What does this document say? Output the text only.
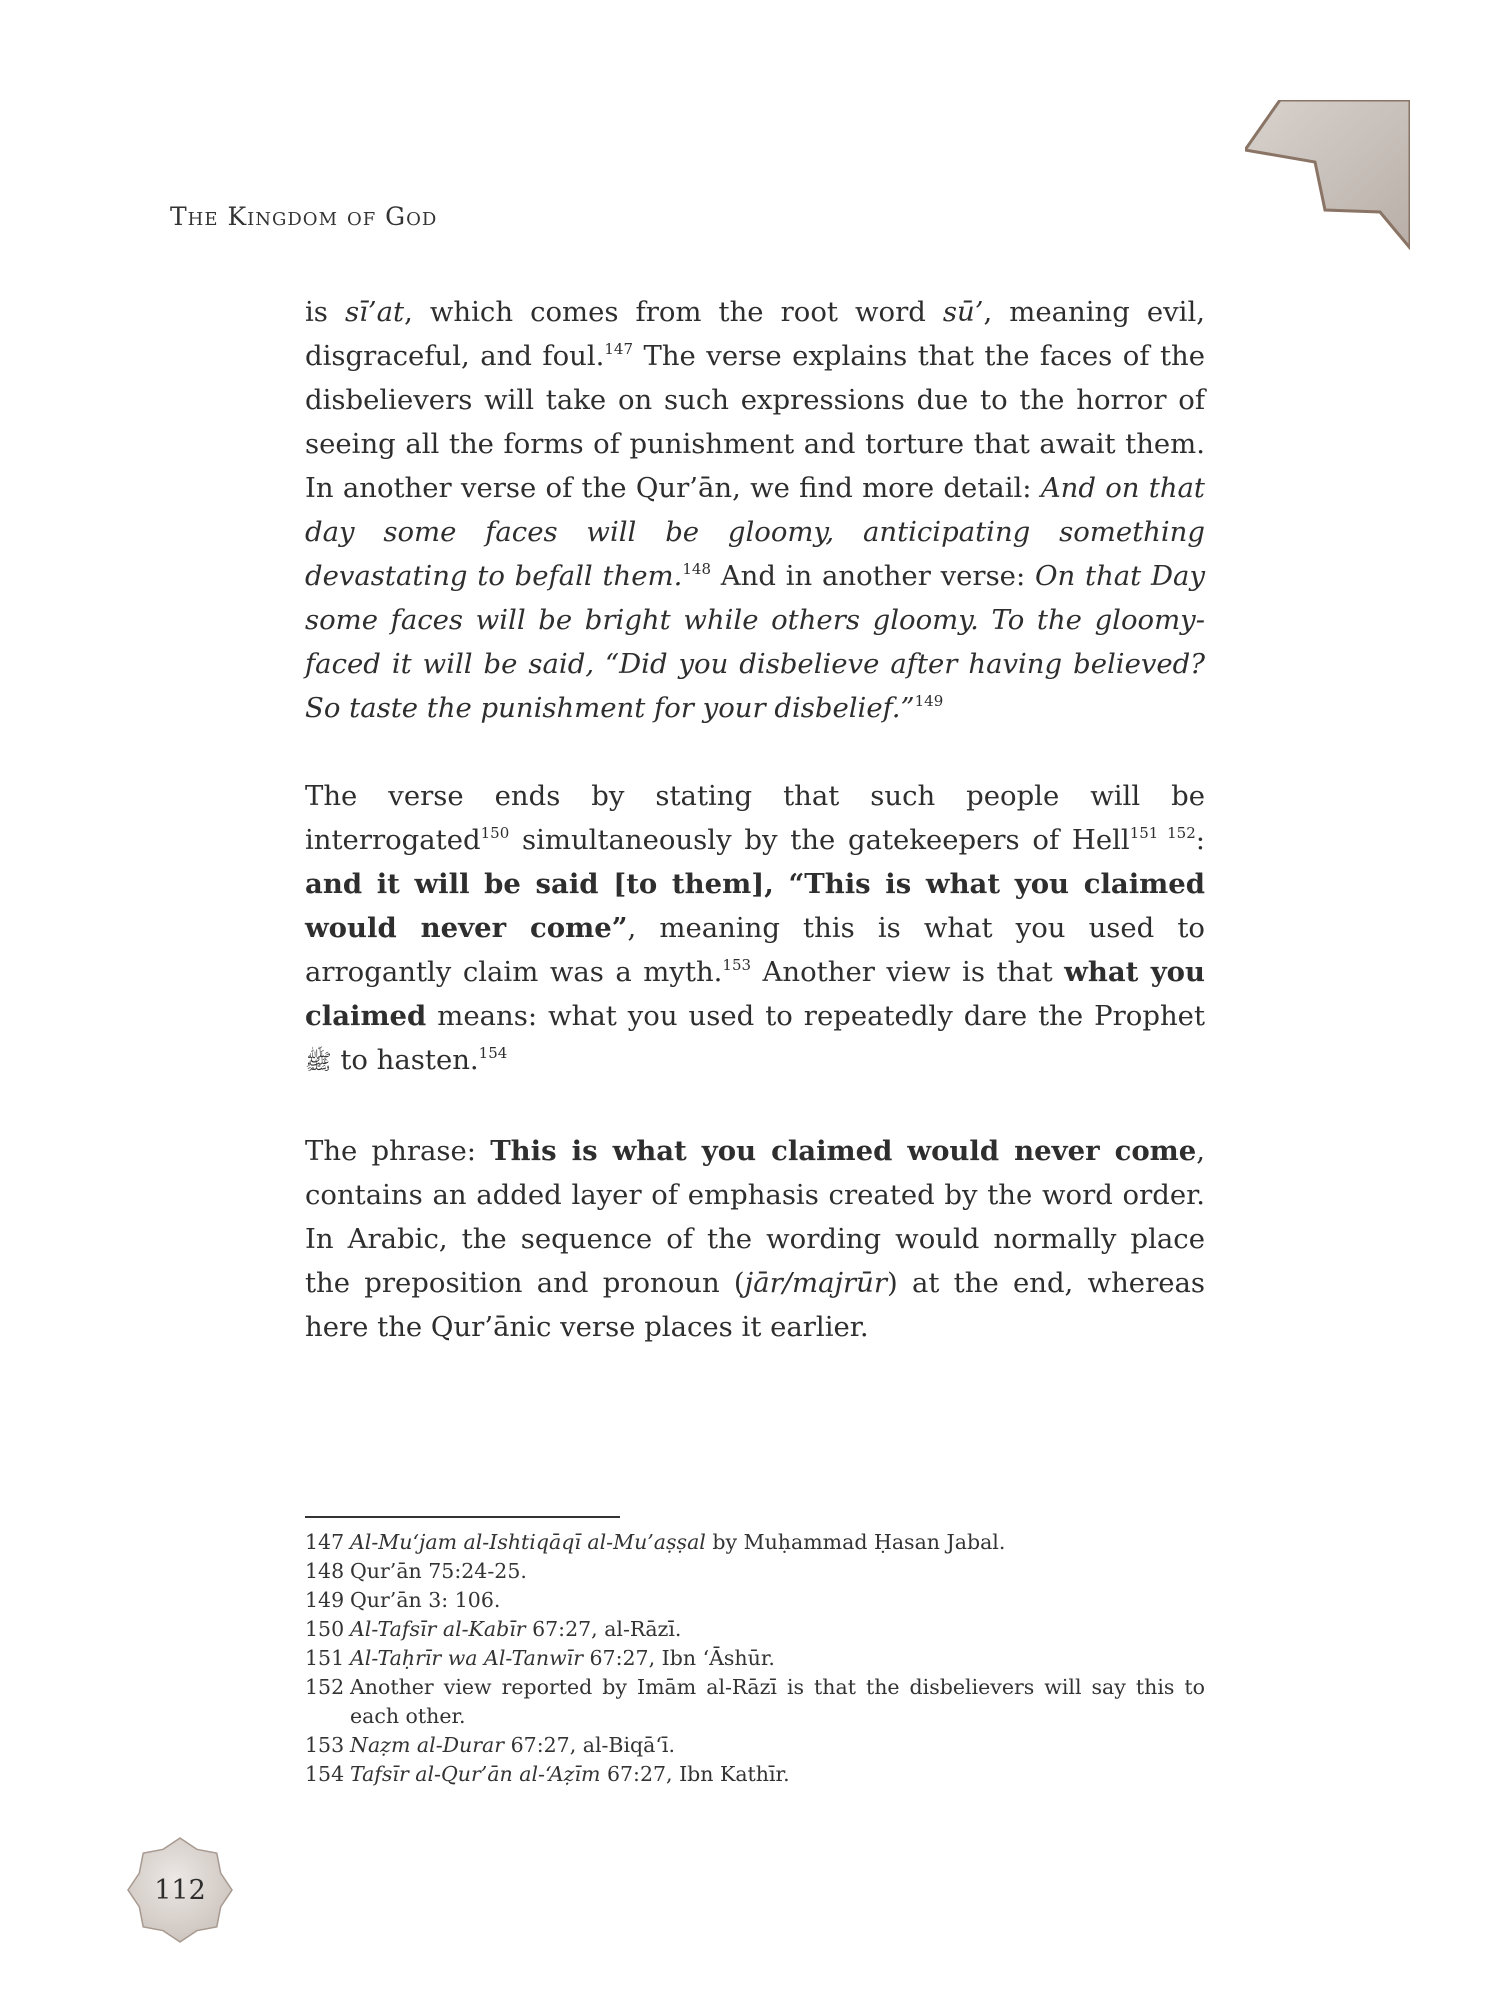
The Kingdom of God

is sī’at, which comes from the root word sū’, meaning evil, disgraceful, and foul.$^{147}$ The verse explains that the faces of the disbelievers will take on such expressions due to the horror of seeing all the forms of punishment and torture that await them. In another verse of the Qur’ān, we find more detail: And on that day some faces will be gloomy, anticipating something devastating to befall them.$^{148}$ And in another verse: On that Day some faces will be bright while others gloomy. To the gloomy-faced it will be said, “Did you disbelieve after having believed? So taste the punishment for your disbelief.”$^{149}$

The verse ends by stating that such people will be interrogated$^{150}$ simultaneously by the gatekeepers of Hell$^{151 152}$: and it will be said [to them], “This is what you claimed would never come”, meaning this is what you used to arrogantly claim was a myth.$^{153}$ Another view is that what you claimed means: what you used to repeatedly dare the Prophet ﷺ to hasten.$^{154}$

The phrase: This is what you claimed would never come, contains an added layer of emphasis created by the word order. In Arabic, the sequence of the wording would normally place the preposition and pronoun (jār/majrūr) at the end, whereas here the Qur’ānic verse places it earlier.

147 Al-Mu‘jam al-Ishtiqāqī al-Mu’aṣṣal by Muḥammad Ḥasan Jabal.
148 Qur’ān 75:24-25.
149 Qur’ān 3: 106.
150 Al-Tafsīr al-Kabīr 67:27, al-Rāzī.
151 Al-Taḥrīr wa Al-Tanwīr 67:27, Ibn ‘Āshūr.
152 Another view reported by Imām al-Rāzī is that the disbelievers will say this to each other.
153 Naẓm al-Durar 67:27, al-Biqā‘ī.
154 Tafsīr al-Qur’ān al-‘Aẓīm 67:27, Ibn Kathīr.
112
